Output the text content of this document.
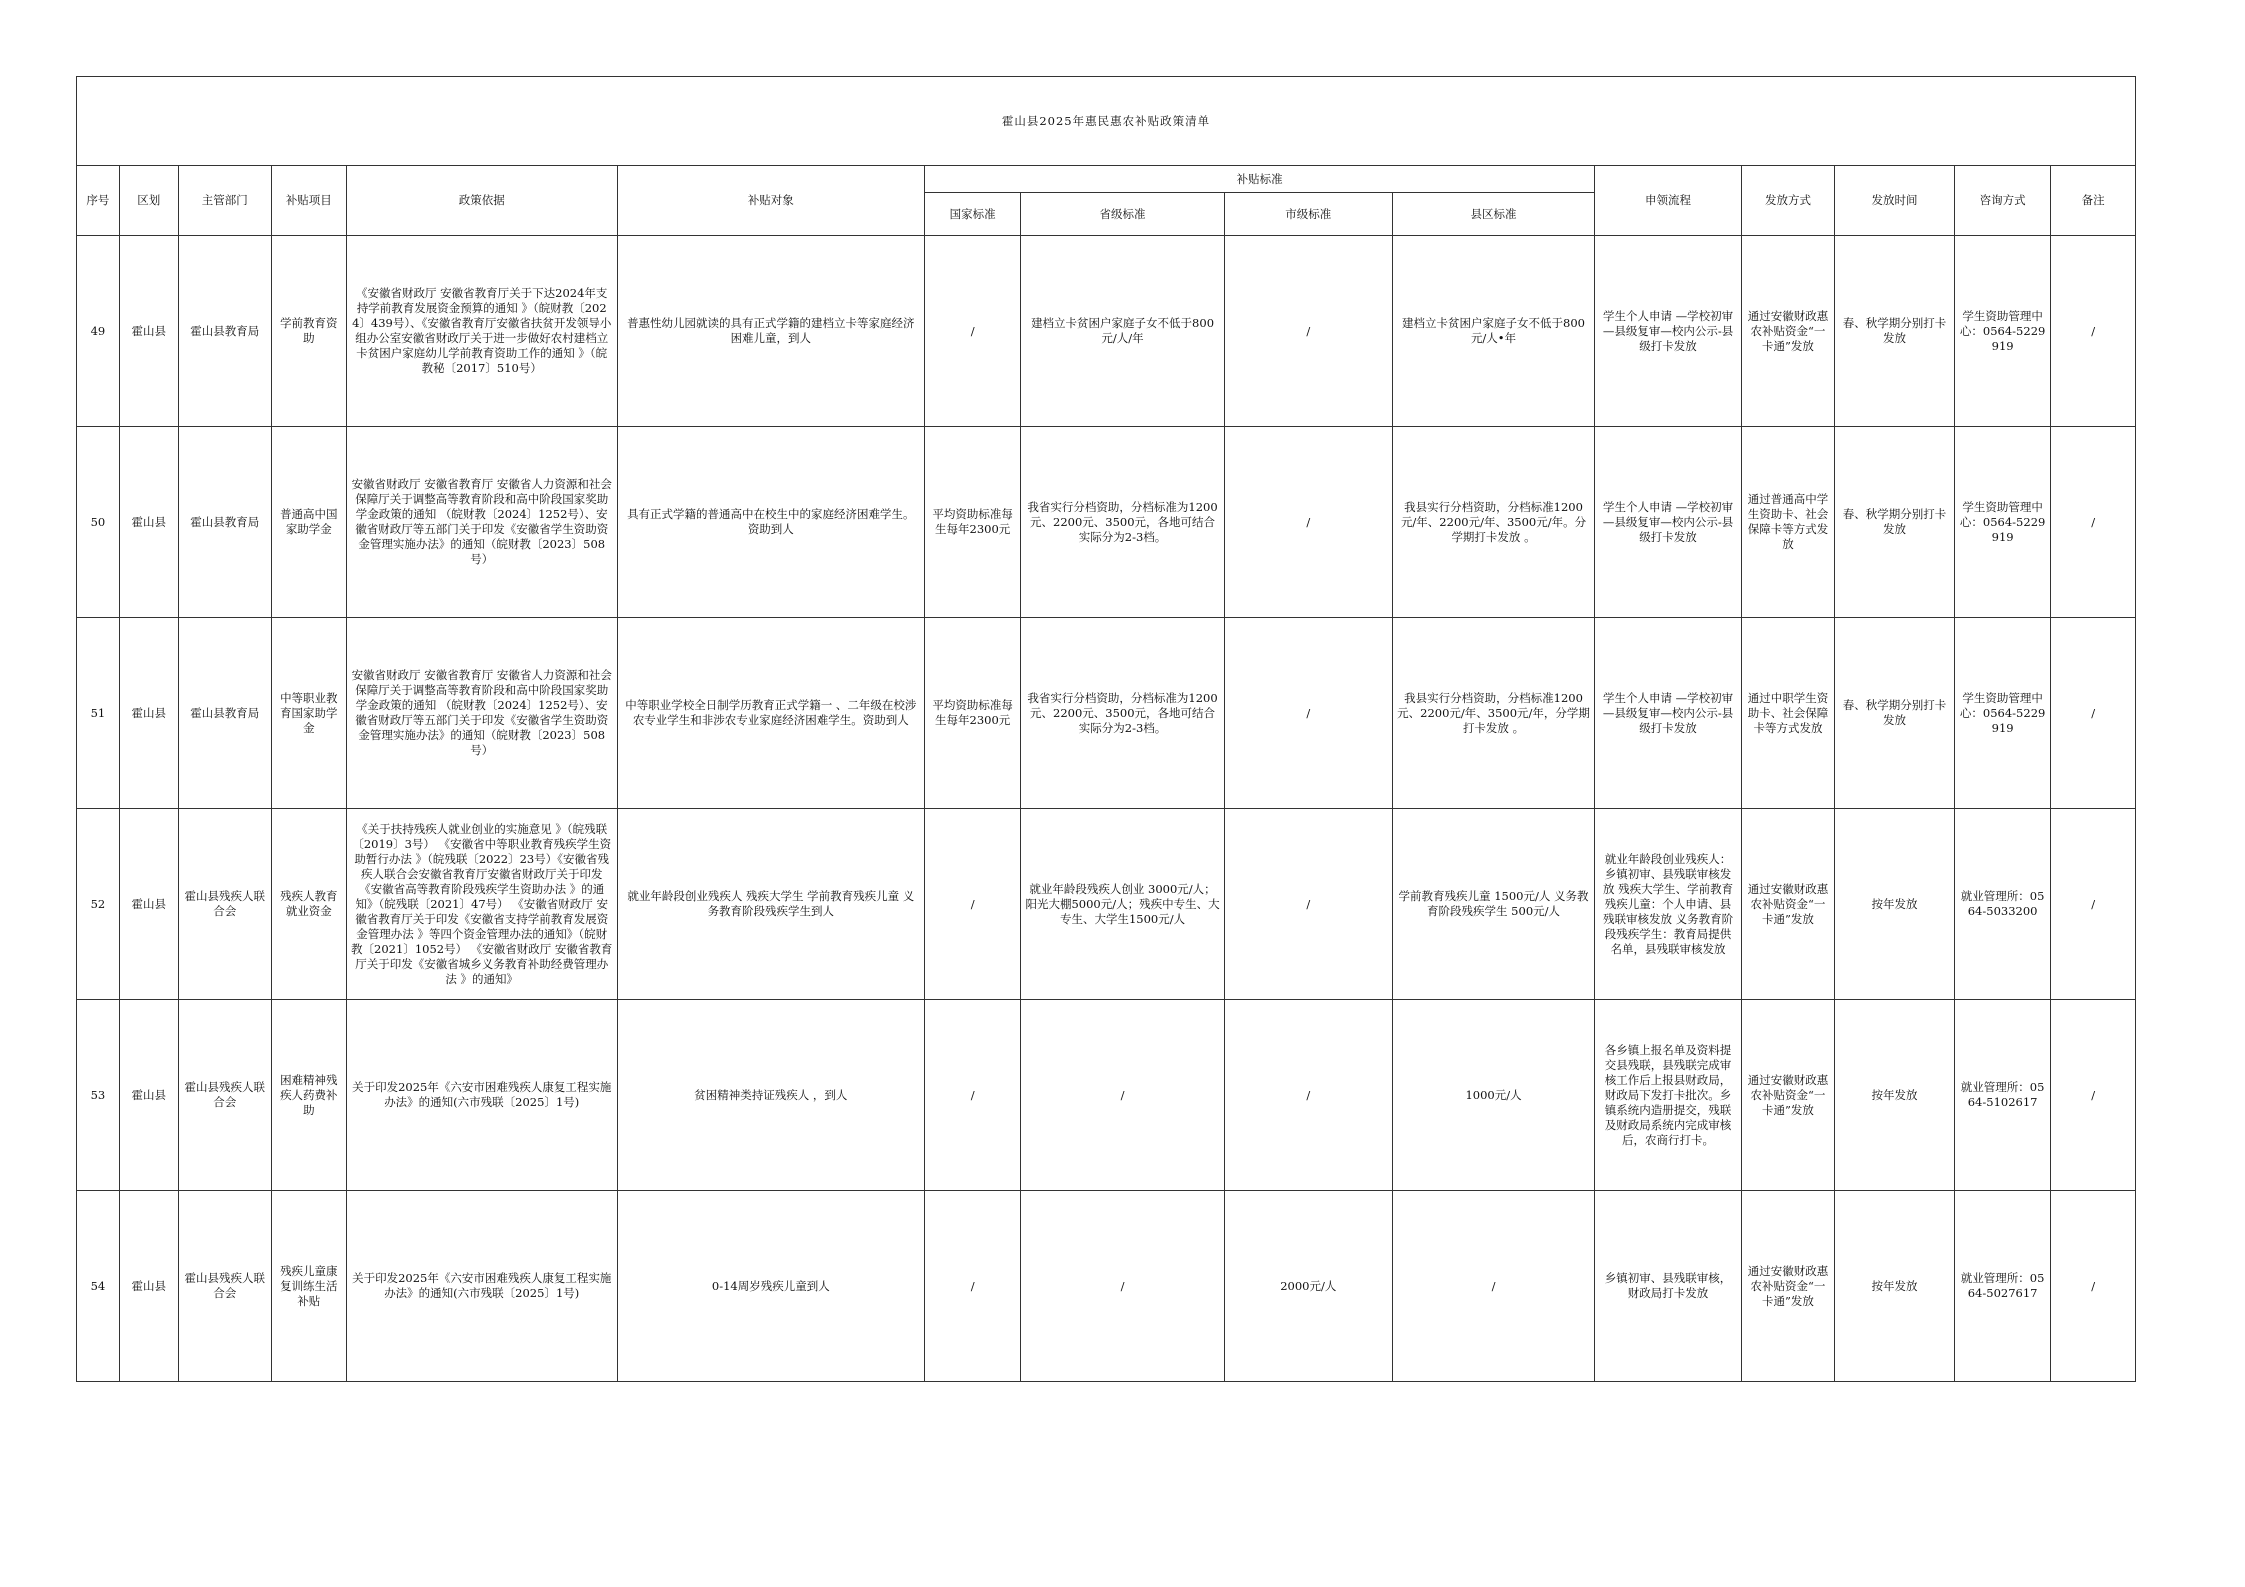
霍山县2025年惠民惠农补贴政策清单														
序号	区划	主管部门	补贴项目	政策依据	补贴对象	补贴标准				申领流程	发放方式	发放时间	咨询方式	备注
						国家标准	省级标准	市级标准	县区标准					
49	霍山县	霍山县教育局	学前教育资助	《安徽省财政厅 安徽省教育厅关于下达2024年支持学前教育发展资金预算的通知 》（皖财教〔2024〕439号）、《安徽省教育厅安徽省扶贫开发领导小组办公室安徽省财政厅关于进一步做好农村建档立卡贫困户家庭幼儿学前教育资助工作的通知 》（皖教秘〔2017〕510号）	普惠性幼儿园就读的具有正式学籍的建档立卡等家庭经济困难儿童，到人	/	建档立卡贫困户家庭子女不低于800元/人/年	/	建档立卡贫困户家庭子女不低于800元/人•年	学生个人申请 —学校初审—县级复审—校内公示-县级打卡发放	通过安徽财政惠农补贴资金“一卡通”发放	春、秋学期分别打卡发放	学生资助管理中心：0564-5229919	/
50	霍山县	霍山县教育局	普通高中国家助学金	安徽省财政厅 安徽省教育厅 安徽省人力资源和社会保障厅关于调整高等教育阶段和高中阶段国家奖助学金政策的通知 （皖财教〔2024〕1252号）、安徽省财政厅等五部门关于印发《安徽省学生资助资金管理实施办法》的通知（皖财教〔2023〕508号）	具有正式学籍的普通高中在校生中的家庭经济困难学生。资助到人	平均资助标准每生每年2300元	我省实行分档资助，分档标准为1200元、2200元、3500元，各地可结合实际分为2-3档。	/	我县实行分档资助，分档标准1200元/年、2200元/年、3500元/年。分学期打卡发放 。	学生个人申请 —学校初审—县级复审—校内公示-县级打卡发放	通过普通高中学生资助卡、社会保障卡等方式发放	春、秋学期分别打卡发放	学生资助管理中心：0564-5229919	/
51	霍山县	霍山县教育局	中等职业教育国家助学金	安徽省财政厅 安徽省教育厅 安徽省人力资源和社会保障厅关于调整高等教育阶段和高中阶段国家奖助学金政策的通知 （皖财教〔2024〕1252号）、安徽省财政厅等五部门关于印发《安徽省学生资助资金管理实施办法》的通知（皖财教〔2023〕508号）	中等职业学校全日制学历教育正式学籍一 、二年级在校涉农专业学生和非涉农专业家庭经济困难学生。资助到人	平均资助标准每生每年2300元	我省实行分档资助，分档标准为1200元、2200元、3500元，各地可结合实际分为2-3档。	/	我县实行分档资助，分档标准1200元、2200元/年、3500元/年，分学期打卡发放 。	学生个人申请 —学校初审—县级复审—校内公示-县级打卡发放	通过中职学生资助卡、社会保障卡等方式发放	春、秋学期分别打卡发放	学生资助管理中心：0564-5229919	/
52	霍山县	霍山县残疾人联合会	残疾人教育就业资金	《关于扶持残疾人就业创业的实施意见 》（皖残联〔2019〕3号） 《安徽省中等职业教育残疾学生资助暂行办法 》（皖残联〔2022〕23号）《安徽省残疾人联合会安徽省教育厅安徽省财政厅关于印发《安徽省高等教育阶段残疾学生资助办法 》的通知》（皖残联〔2021〕47号） 《安徽省财政厅 安徽省教育厅关于印发《安徽省支持学前教育发展资金管理办法 》等四个资金管理办法的通知》（皖财教〔2021〕1052号） 《安徽省财政厅 安徽省教育厅关于印发《安徽省城乡义务教育补助经费管理办法 》的通知》	就业年龄段创业残疾人 残疾大学生 学前教育残疾儿童 义务教育阶段残疾学生到人	/	就业年龄段残疾人创业 3000元/人；阳光大棚5000元/人；残疾中专生、大专生、大学生1500元/人	/	学前教育残疾儿童 1500元/人 义务教育阶段残疾学生 500元/人	就业年龄段创业残疾人：乡镇初审、县残联审核发放 残疾大学生、学前教育残疾儿童：个人申请、县残联审核发放 义务教育阶段残疾学生：教育局提供名单，县残联审核发放	通过安徽财政惠农补贴资金“一卡通”发放	按年发放	就业管理所：0564-5033200	/
53	霍山县	霍山县残疾人联合会	困难精神残疾人药费补助	关于印发2025年《六安市困难残疾人康复工程实施办法》的通知(六市残联〔2025〕1号)	贫困精神类持证残疾人 ，到人	/	/	/	1000元/人	各乡镇上报名单及资料提交县残联，县残联完成审核工作后上报县财政局，财政局下发打卡批次。乡镇系统内造册提交，残联及财政局系统内完成审核后，农商行打卡。	通过安徽财政惠农补贴资金“一卡通”发放	按年发放	就业管理所：0564-5102617	/
54	霍山县	霍山县残疾人联合会	残疾儿童康复训练生活补贴	关于印发2025年《六安市困难残疾人康复工程实施办法》的通知(六市残联〔2025〕1号)	0-14周岁残疾儿童到人	/	/	2000元/人	/	乡镇初审、县残联审核，财政局打卡发放	通过安徽财政惠农补贴资金“一卡通”发放	按年发放	就业管理所：0564-5027617	/
